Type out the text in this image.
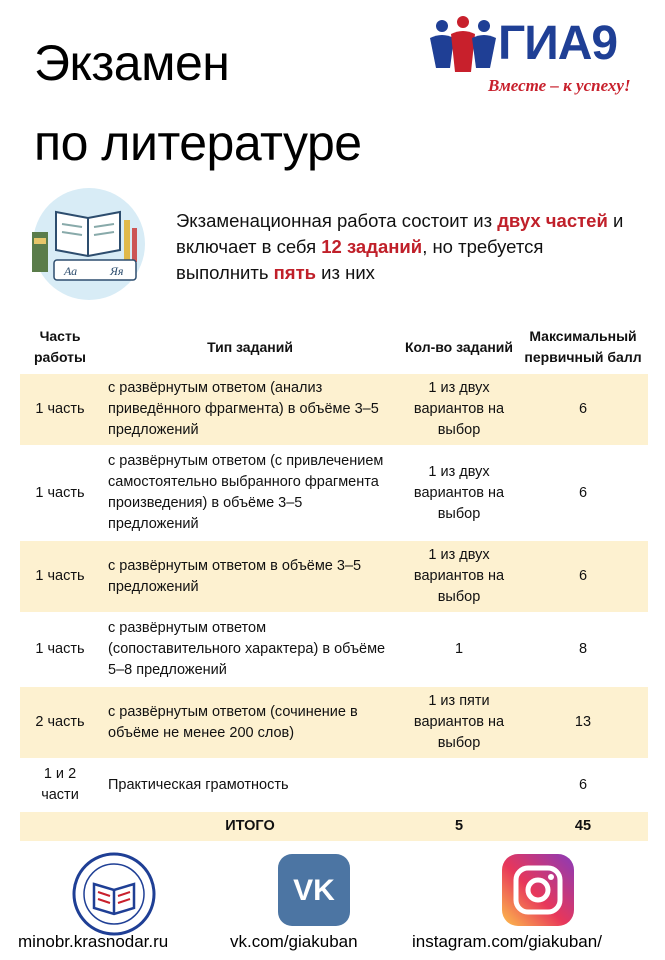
Экзамен
по литературе
ГИА9
Вместе – к успеху!
Аа	Яя
Экзаменационная работа состоит из двух частей и включает в себя 12 заданий, но требуется выполнить пять из них
Часть работы	Тип заданий	Кол-во заданий	Максимальный первичный балл
1 часть	с развёрнутым ответом (анализ приведённого фрагмента) в объёме 3–5 предложений	1 из двух вариантов на выбор	6
1 часть	с развёрнутым ответом (с привлечением самостоятельно выбранного фрагмента произведения) в объёме 3–5 предложений	1 из двух вариантов на выбор	6
1 часть	с развёрнутым ответом в объёме 3–5 предложений	1 из двух вариантов на выбор	6
1 часть	с развёрнутым ответом (сопоставительного характера) в объёме 5–8 предложений	1	8
2 часть	с развёрнутым ответом (сочинение в объёме не менее 200 слов)	1 из пяти вариантов на выбор	13
1 и 2 части	Практическая грамотность		6
	ИТОГО	5	45
VK
minobr.krasnodar.ru	vk.com/giakuban	instagram.com/giakuban/
